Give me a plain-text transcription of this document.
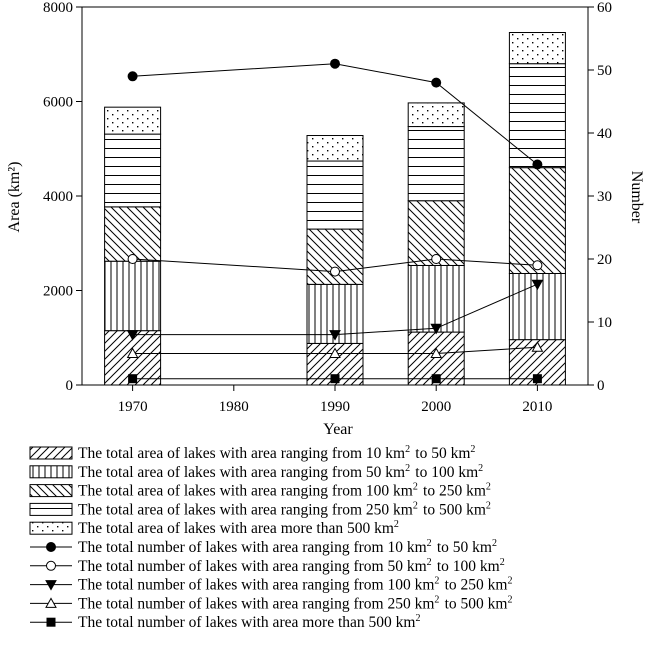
0
2000
4000
6000
8000
0
10
20
30
40
50
60
1970	1980	1990	2000	2010
Area (km²)	Number
Year
The total area of lakes with area ranging from 10 $km^2$  to 50 $km^2$ 
The total area of lakes with area ranging from 50 $km^2$  to 100 $km^2$ 
The total area of lakes with area ranging from 100 $km^2$  to 250 $km^2$ 
The total area of lakes with area ranging from 250 $km^2$  to 500 $km^2$ 
The total area of lakes with area more than 500 $km^2$ 
The total number of lakes with area ranging from 10 $km^2$  to 50 $km^2$ 
The total number of lakes with area ranging from 50 $km^2$  to 100 $km^2$ 
The total number of lakes with area ranging from 100 $km^2$  to 250 $km^2$ 
The total number of lakes with area ranging from 250 $km^2$  to 500 $km^2$ 
The total number of lakes with area more than 500 $km^2$ 
